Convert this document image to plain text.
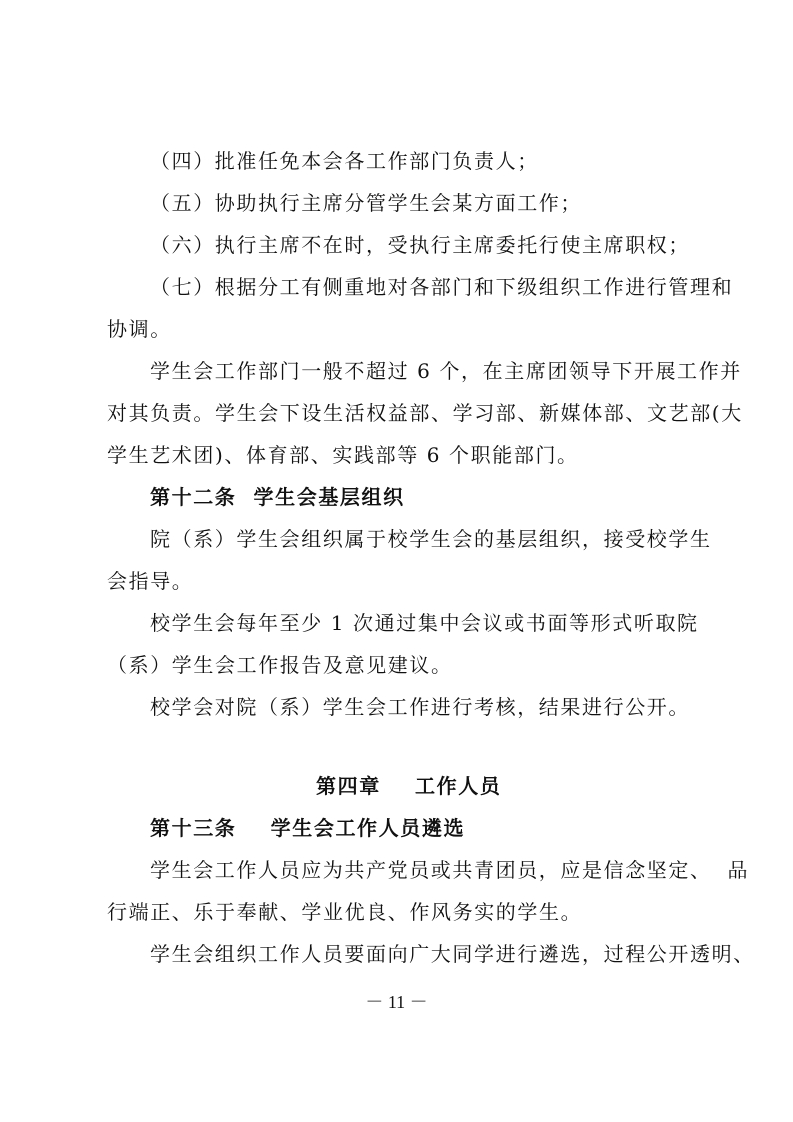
（四）批准任免本会各工作部门负责人；
（五）协助执行主席分管学生会某方面工作；
（六）执行主席不在时，受执行主席委托行使主席职权；
（七）根据分工有侧重地对各部门和下级组织工作进行管理和
协调。
学生会工作部门一般不超过 6 个，在主席团领导下开展工作并
对其负责。学生会下设生活权益部、学习部、新媒体部、文艺部(大
学生艺术团)、体育部、实践部等 6 个职能部门。
第十二条  学生会基层组织
院（系）学生会组织属于校学生会的基层组织，接受校学生
会指导。
校学生会每年至少 1 次通过集中会议或书面等形式听取院
（系）学生会工作报告及意见建议。
校学会对院（系）学生会工作进行考核，结果进行公开。
第四章    工作人员
第十三条    学生会工作人员遴选
学生会工作人员应为共产党员或共青团员，应是信念坚定、  品
行端正、乐于奉献、学业优良、作风务实的学生。
学生会组织工作人员要面向广大同学进行遴选，过程公开透明、
－ 11 －
